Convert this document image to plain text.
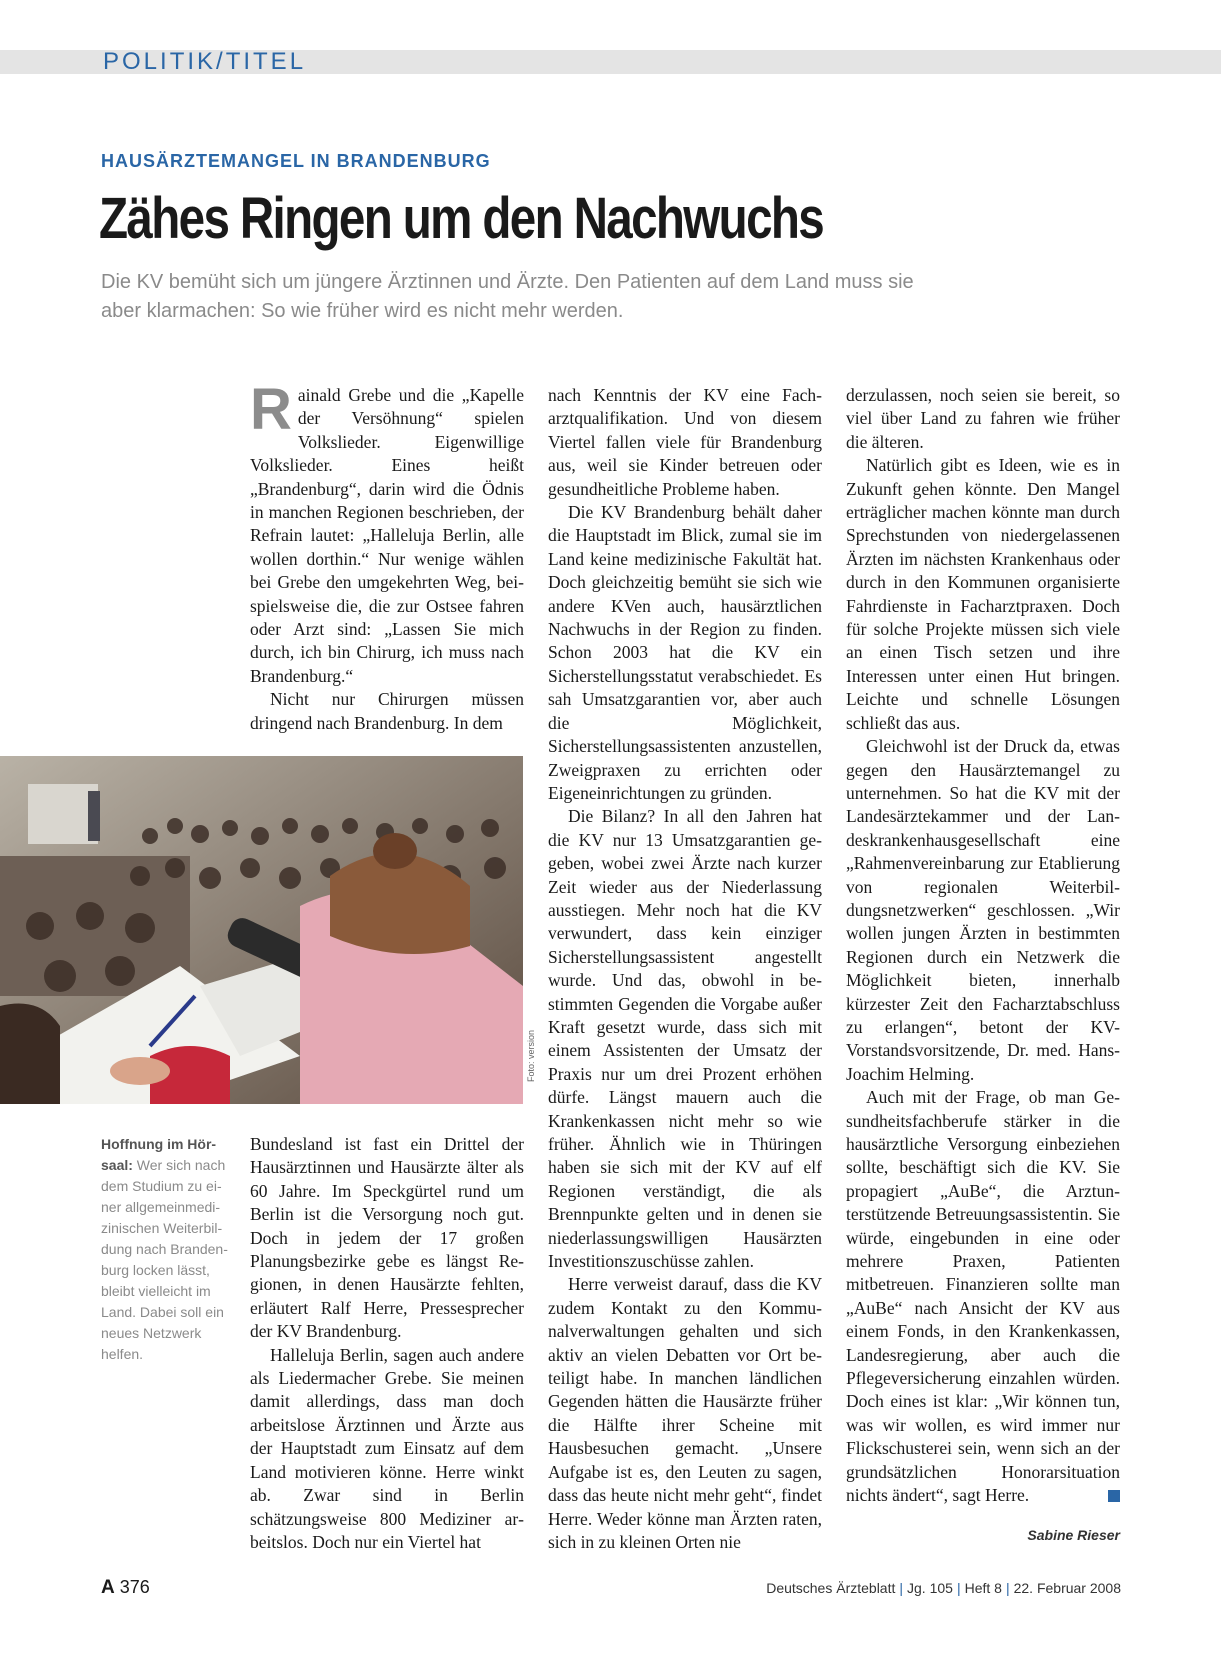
POLITIK/TITEL
HAUSÄRZTEMANGEL IN BRANDENBURG
Zähes Ringen um den Nachwuchs

Die KV bemüht sich um jüngere Ärztinnen und Ärzte. Den Patienten auf dem Land muss sie aber klarmachen: So wie früher wird es nicht mehr werden.

Rainald Grebe und die „Kapelle der Versöhnung“ spielen Volkslieder. Eigenwillige Volkslieder. Eines heißt „Brandenburg“, darin wird die Ödnis in manchen Regionen beschrieben, der Refrain lautet: „Halleluja Berlin, alle wollen dorthin.“ Nur wenige wählen bei Grebe den umgekehrten Weg, beispielsweise die, die zur Ostsee fahren oder Arzt sind: „Lassen Sie mich durch, ich bin Chirurg, ich muss nach Brandenburg.“

Nicht nur Chirurgen müssen dringend nach Brandenburg. In dem

Foto: version
Hoffnung im Hörsaal: Wer sich nach dem Studium zu einer allgemeinmedizinischen Weiterbildung nach Brandenburg locken lässt, bleibt vielleicht im Land. Dabei soll ein neues Netzwerk helfen.

Bundesland ist fast ein Drittel der Hausärztinnen und Hausärzte älter als 60 Jahre. Im Speckgürtel rund um Berlin ist die Versorgung noch gut. Doch in jedem der 17 großen Planungsbezirke gebe es längst Regionen, in denen Hausärzte fehlten, erläutert Ralf Herre, Pressesprecher der KV Brandenburg.

Halleluja Berlin, sagen auch andere als Liedermacher Grebe. Sie meinen damit allerdings, dass man doch arbeitslose Ärztinnen und Ärzte aus der Hauptstadt zum Einsatz auf dem Land motivieren könne. Herre winkt ab. Zwar sind in Berlin schätzungsweise 800 Mediziner arbeitslos. Doch nur ein Viertel hat

nach Kenntnis der KV eine Facharztqualifikation. Und von diesem Viertel fallen viele für Brandenburg aus, weil sie Kinder betreuen oder gesundheitliche Probleme haben.

Die KV Brandenburg behält daher die Hauptstadt im Blick, zumal sie im Land keine medizinische Fakultät hat. Doch gleichzeitig bemüht sie sich wie andere KVen auch, hausärztlichen Nachwuchs in der Region zu finden. Schon 2003 hat die KV ein Sicherstellungsstatut verabschiedet. Es sah Umsatzgarantien vor, aber auch die Möglichkeit, Sicherstellungsassistenten anzustellen, Zweigpraxen zu errichten oder Eigeneinrichtungen zu gründen.

Die Bilanz? In all den Jahren hat die KV nur 13 Umsatzgarantien gegeben, wobei zwei Ärzte nach kurzer Zeit wieder aus der Niederlassung ausstiegen. Mehr noch hat die KV verwundert, dass kein einziger Sicherstellungsassistent angestellt wurde. Und das, obwohl in bestimmten Gegenden die Vorgabe außer Kraft gesetzt wurde, dass sich mit einem Assistenten der Umsatz der Praxis nur um drei Prozent erhöhen dürfe. Längst mauern auch die Krankenkassen nicht mehr so wie früher. Ähnlich wie in Thüringen haben sie sich mit der KV auf elf Regionen verständigt, die als Brennpunkte gelten und in denen sie niederlassungswilligen Hausärzten Investitionszuschüsse zahlen.

Herre verweist darauf, dass die KV zudem Kontakt zu den Kommunalverwaltungen gehalten und sich aktiv an vielen Debatten vor Ort beteiligt habe. In manchen ländlichen Gegenden hätten die Hausärzte früher die Hälfte ihrer Scheine mit Hausbesuchen gemacht. „Unsere Aufgabe ist es, den Leuten zu sagen, dass das heute nicht mehr geht“, findet Herre. Weder könne man Ärzten raten, sich in zu kleinen Orten nie

derzulassen, noch seien sie bereit, so viel über Land zu fahren wie früher die älteren.

Natürlich gibt es Ideen, wie es in Zukunft gehen könnte. Den Mangel erträglicher machen könnte man durch Sprechstunden von niedergelassenen Ärzten im nächsten Krankenhaus oder durch in den Kommunen organisierte Fahrdienste in Facharztpraxen. Doch für solche Projekte müssen sich viele an einen Tisch setzen und ihre Interessen unter einen Hut bringen. Leichte und schnelle Lösungen schließt das aus.

Gleichwohl ist der Druck da, etwas gegen den Hausärztemangel zu unternehmen. So hat die KV mit der Landesärztekammer und der Landeskrankenhausgesellschaft eine „Rahmenvereinbarung zur Etablierung von regionalen Weiterbildungsnetzwerken“ geschlossen. „Wir wollen jungen Ärzten in bestimmten Regionen durch ein Netzwerk die Möglichkeit bieten, innerhalb kürzester Zeit den Facharztabschluss zu erlangen“, betont der KV-Vorstandsvorsitzende, Dr. med. Hans-Joachim Helming.

Auch mit der Frage, ob man Gesundheitsfachberufe stärker in die hausärztliche Versorgung einbeziehen sollte, beschäftigt sich die KV. Sie propagiert „AuBe“, die Arztunterstützende Betreuungsassistentin. Sie würde, eingebunden in eine oder mehrere Praxen, Patienten mitbetreuen. Finanzieren sollte man „AuBe“ nach Ansicht der KV aus einem Fonds, in den Krankenkassen, Landesregierung, aber auch die Pflegeversicherung einzahlen würden. Doch eines ist klar: „Wir können tun, was wir wollen, es wird immer nur Flickschusterei sein, wenn sich an der grundsätzlichen Honorarsituation nichts ändert“, sagt Herre.

Sabine Rieser
A 376	Deutsches Ärzteblatt | Jg. 105 | Heft 8 | 22. Februar 2008
